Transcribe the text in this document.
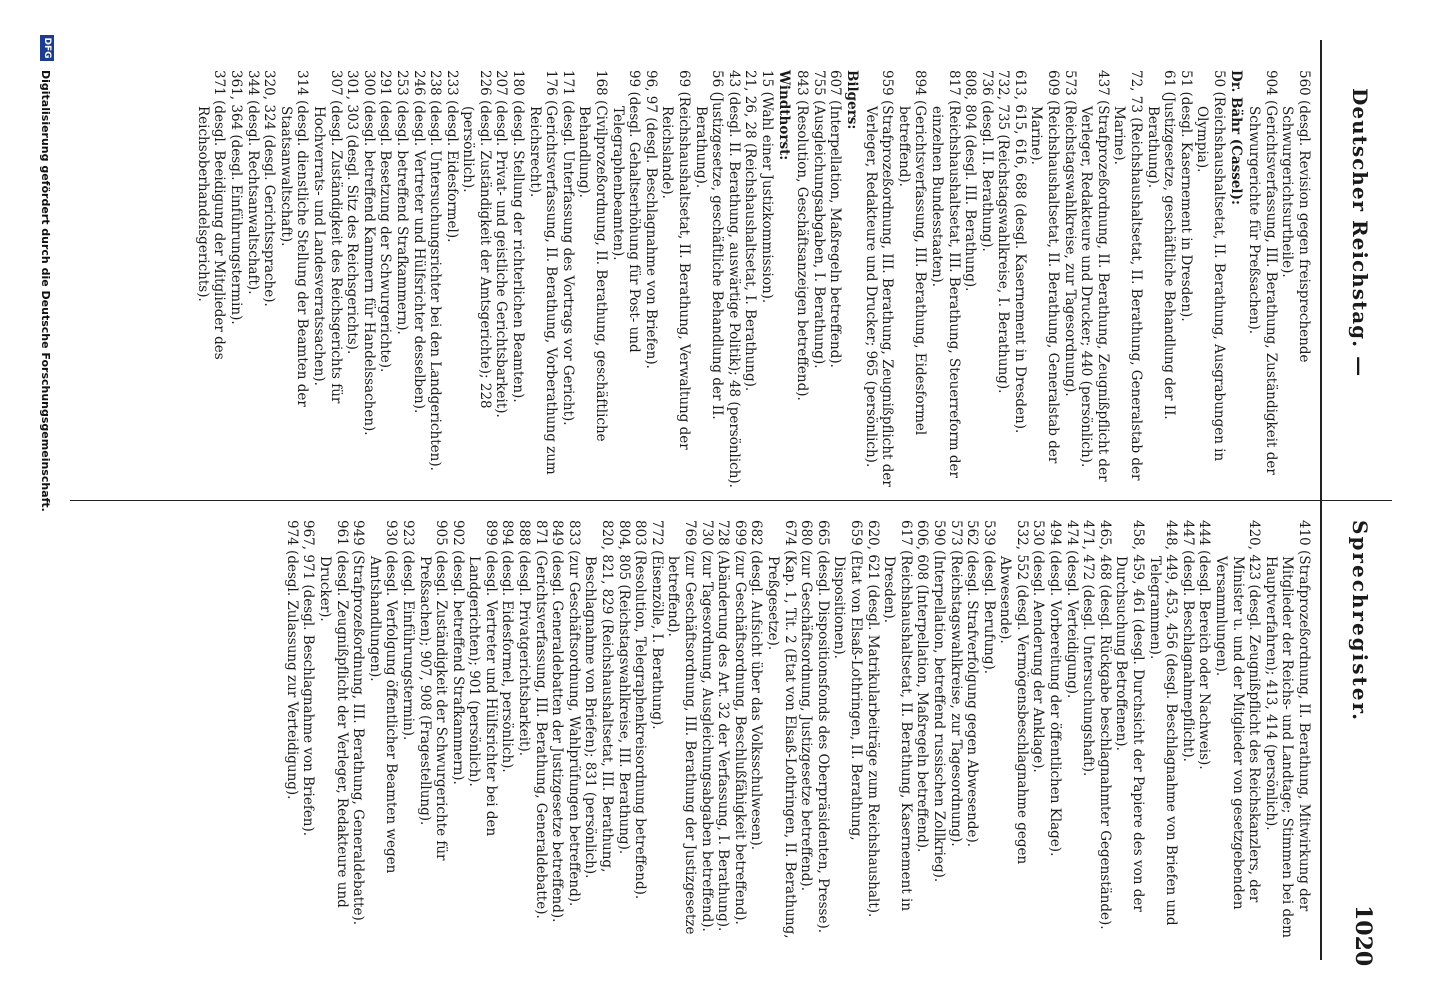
1020
Deutscher Reichstag. —
Sprechregister.

560 (desgl. Revision gegen freisprechende Schwurgerichtsurtheile).

904 (Gerichtsverfassung, III. Berathung, Zuständigkeit der Schwurgerichte für Preßsachen).

Dr. Bähr (Cassel):

50 (Reichshaushaltsetat, II. Berathung, Ausgrabungen in Olympia).

51 (desgl. Kasernement in Dresden).

61 (Justizgesetze, geschäftliche Behandlung der II. Berathung).

72, 73 (Reichshaushaltsetat, II. Berathung, Generalstab der Marine).

437 (Strafprozeßordnung, II. Berathung, Zeugnißpflicht der Verleger, Redakteure und Drucker; 440 (persönlich).

573 (Reichstagswahlkreise, zur Tagesordnung).

609 (Reichshaushaltsetat, II. Berathung, Generalstab der Marine).

613, 615, 616, 688 (desgl. Kasernement in Dresden).

732, 735 (Reichstagswahlkreise, I. Berathung).

736 (desgl. II. Berathung).

808, 804 (desgl. III. Berathung).

817 (Reichshaushaltsetat, III. Berathung, Steuerreform der einzelnen Bundesstaaten).

894 (Gerichtsverfassung, III. Berathung, Eidesformel betreffend).

959 (Strafprozeßordnung, III. Berathung, Zeugnißpflicht der Verleger, Redakteure und Drucker; 965 (persönlich).

Bilgers:

607 (Interpellation, Maßregeln betreffend).

755 (Ausgleichungsabgaben, I. Berathung).

843 (Resolution, Geschäftsanzeigen betreffend).

Windthorst:

15 (Wahl einer Justizkommission).

21, 26, 28 (Reichshaushaltsetat, I. Berathung).

43 (desgl. II. Berathung, auswärtige Politik); 48 (persönlich).

56 (Justizgesetze, geschäftliche Behandlung der II. Berathung).

69 (Reichshaushaltsetat, II. Berathung, Verwaltung der Reichslande).

96, 97 (desgl. Beschlagnahme von Briefen).

99 (desgl. Gehaltserhöhung für Post- und Telegraphenbeamten).

168 (Civilprozeßordnung, II. Berathung, geschäftliche Behandlung).

171 (desgl. Unterfassung des Vortrags vor Gericht).

176 (Gerichtsverfassung, II. Berathung, Vorberathung zum Reichsrecht).

180 (desgl. Stellung der richterlichen Beamten).

207 (desgl. Privat- und geistliche Gerichtsbarkeit).

226 (desgl. Zuständigkeit der Amtsgerichte); 228 (persönlich).

233 (desgl. Eidesformel).

238 (desgl. Untersuchungsrichter bei den Landgerichten).

246 (desgl. Vertreter und Hülfsrichter desselben).

253 (desgl. betreffend Strafkammern).

291 (desgl. Besetzung der Schwurgerichte).

300 (desgl. betreffend Kammern für Handelssachen).

301, 303 (desgl. Sitz des Reichsgerichts).

307 (desgl. Zuständigkeit des Reichsgerichts für Hochverrats- und Landesverratssachen).

314 (desgl. dienstliche Stellung der Beamten der Staatsanwaltschaft).

320, 324 (desgl. Gerichtssprache).

344 (desgl. Rechtsanwaltschaft).

361, 364 (desgl. Einführungstermin).

371 (desgl. Beeidigung der Mitglieder des Reichsoberhandelsgerichts).

410 (Strafprozeßordnung, II. Berathung, Mitwirkung der Mitglieder der Reichs- und Landtage; Stimmen bei dem Hauptverfahren); 413, 414 (persönlich).

420, 423 (desgl. Zeugnißpflicht des Reichskanzlers, der Minister u. und der Mitglieder von gesetzgebenden Versammlungen).

444 (desgl. Bereich oder Nachweis).

447 (desgl. Beschlagnahmepflicht).

448, 449, 453, 456 (desgl. Beschlagnahme von Briefen und Telegrammen).

458, 459, 461 (desgl. Durchsicht der Papiere des von der Durchsuchung Betroffenen).

465, 468 (desgl. Rückgabe beschlagnahmter Gegenstände).

471, 472 (desgl. Untersuchungshaft).

474 (desgl. Verteidigung).

494 (desgl. Vorbereitung der öffentlichen Klage).

530 (desgl. Aenderung der Anklage).

532, 552 (desgl. Vermögensbeschlagnahme gegen Abwesende).

539 (desgl. Berufung).

562 (desgl. Strafverfolgung gegen Abwesende).

573 (Reichstagswahlkreise, zur Tagesordnung).

590 (Interpellation, betreffend russischen Zollkrieg).

606, 608 (Interpellation, Maßregeln betreffend).

617 (Reichshaushaltsetat, II. Berathung, Kasernement in Dresden).

620, 621 (desgl. Matrikularbeiträge zum Reichshaushalt).

659 (Etat von Elsaß-Lothringen, II. Berathung, Dispositionen).

665 (desgl. Dispositionsfonds des Oberpräsidenten, Presse).

680 (zur Geschäftsordnung, Justizgesetze betreffend).

674 (Kap. 1, Tit. 2 (Etat von Elsaß-Lothringen, II. Berathung, Preßgesetze).

682 (desgl. Aufsicht über das Volksschulwesen).

699 (zur Geschäftsordnung, Beschlußfähigkeit betreffend).

728 (Abänderung des Art. 32 der Verfassung, I. Berathung).

730 (zur Tagesordnung, Ausgleichungsabgaben betreffend).

769 (zur Geschäftsordnung, III. Berathung der Justizgesetze betreffend).

772 (Eisenzölle, I. Berathung).

803 (Resolution, Telegraphenkreisordnung betreffend).

804, 805 (Reichstagswahlkreise, III. Berathung).

820, 821, 829 (Reichshaushaltsetat, III. Berathung, Beschlagnahme von Briefen); 831 (persönlich).

833 (zur Geschäftsordnung, Wahlprüfungen betreffend).

849 (desgl. Generaldebatten der Justizgesetze betreffend).

871 (Gerichtsverfassung, III. Berathung, Generaldebatte).

888 (desgl. Privatgerichtsbarkeit).

894 (desgl. Eidesformel, persönlich).

899 (desgl. Vertreter und Hülfsrichter bei den Landgerichten); 901 (persönlich).

902 (desgl. betreffend Strafkammern).

905 (desgl. Zuständigkeit der Schwurgerichte für Preßsachen); 907, 908 (Fragestellung).

923 (desgl. Einführungstermin).

930 (desgl. Verfolgung öffentlicher Beamten wegen Amtshandlungen).

949 (Strafprozeßordnung, III. Berathung, Generaldebatte).

961 (desgl. Zeugnißpflicht der Verleger, Redakteure und Drucker).

967, 971 (desgl. Beschlagnahme von Briefen).

974 (desgl. Zulassung zur Verteidigung).

DFG
Digitalisierung gefördert durch die Deutsche Forschungsgemeinschaft.
